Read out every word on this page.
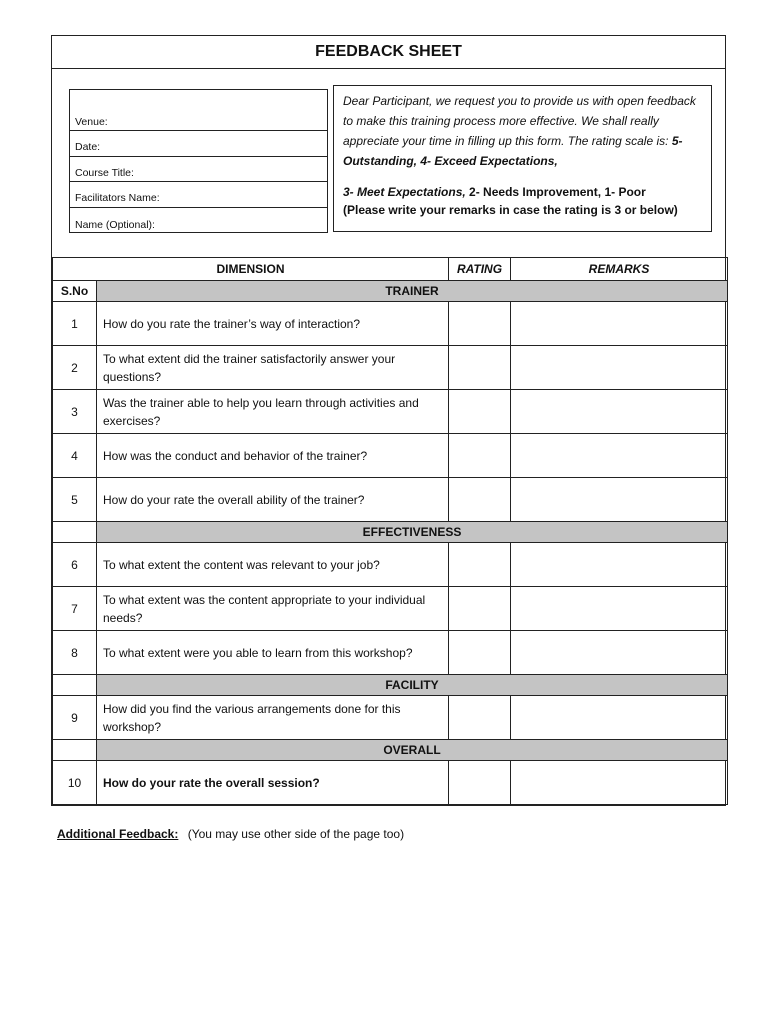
FEEDBACK SHEET
Venue:
Date:
Course Title:
Facilitators Name:
Name (Optional):
Dear Participant, we request you to provide us with open feedback to make this training process more effective. We shall really appreciate your time in filling up this form. The rating scale is: 5- Outstanding, 4- Exceed Expectations,
3- Meet Expectations, 2- Needs Improvement, 1- Poor
(Please write your remarks in case the rating is 3 or below)
DIMENSION		RATING	REMARKS
S.No	TRAINER		
1	How do you rate the trainer’s way of interaction?		
2	To what extent did the trainer satisfactorily answer your questions?		
3	Was the trainer able to help you learn through activities and exercises?		
4	How was the conduct and behavior of the trainer?		
5	How do your rate the overall ability of the trainer?		
	EFFECTIVENESS		
6	To what extent the content was relevant to your job?		
7	To what extent was the content appropriate to your individual needs?		
8	To what extent were you able to learn from this workshop?		
	FACILITY		
9	How did you find the various arrangements done for this workshop?		
	OVERALL		
10	How do your rate the overall session?		
Additional Feedback: (You may use other side of the page too)
